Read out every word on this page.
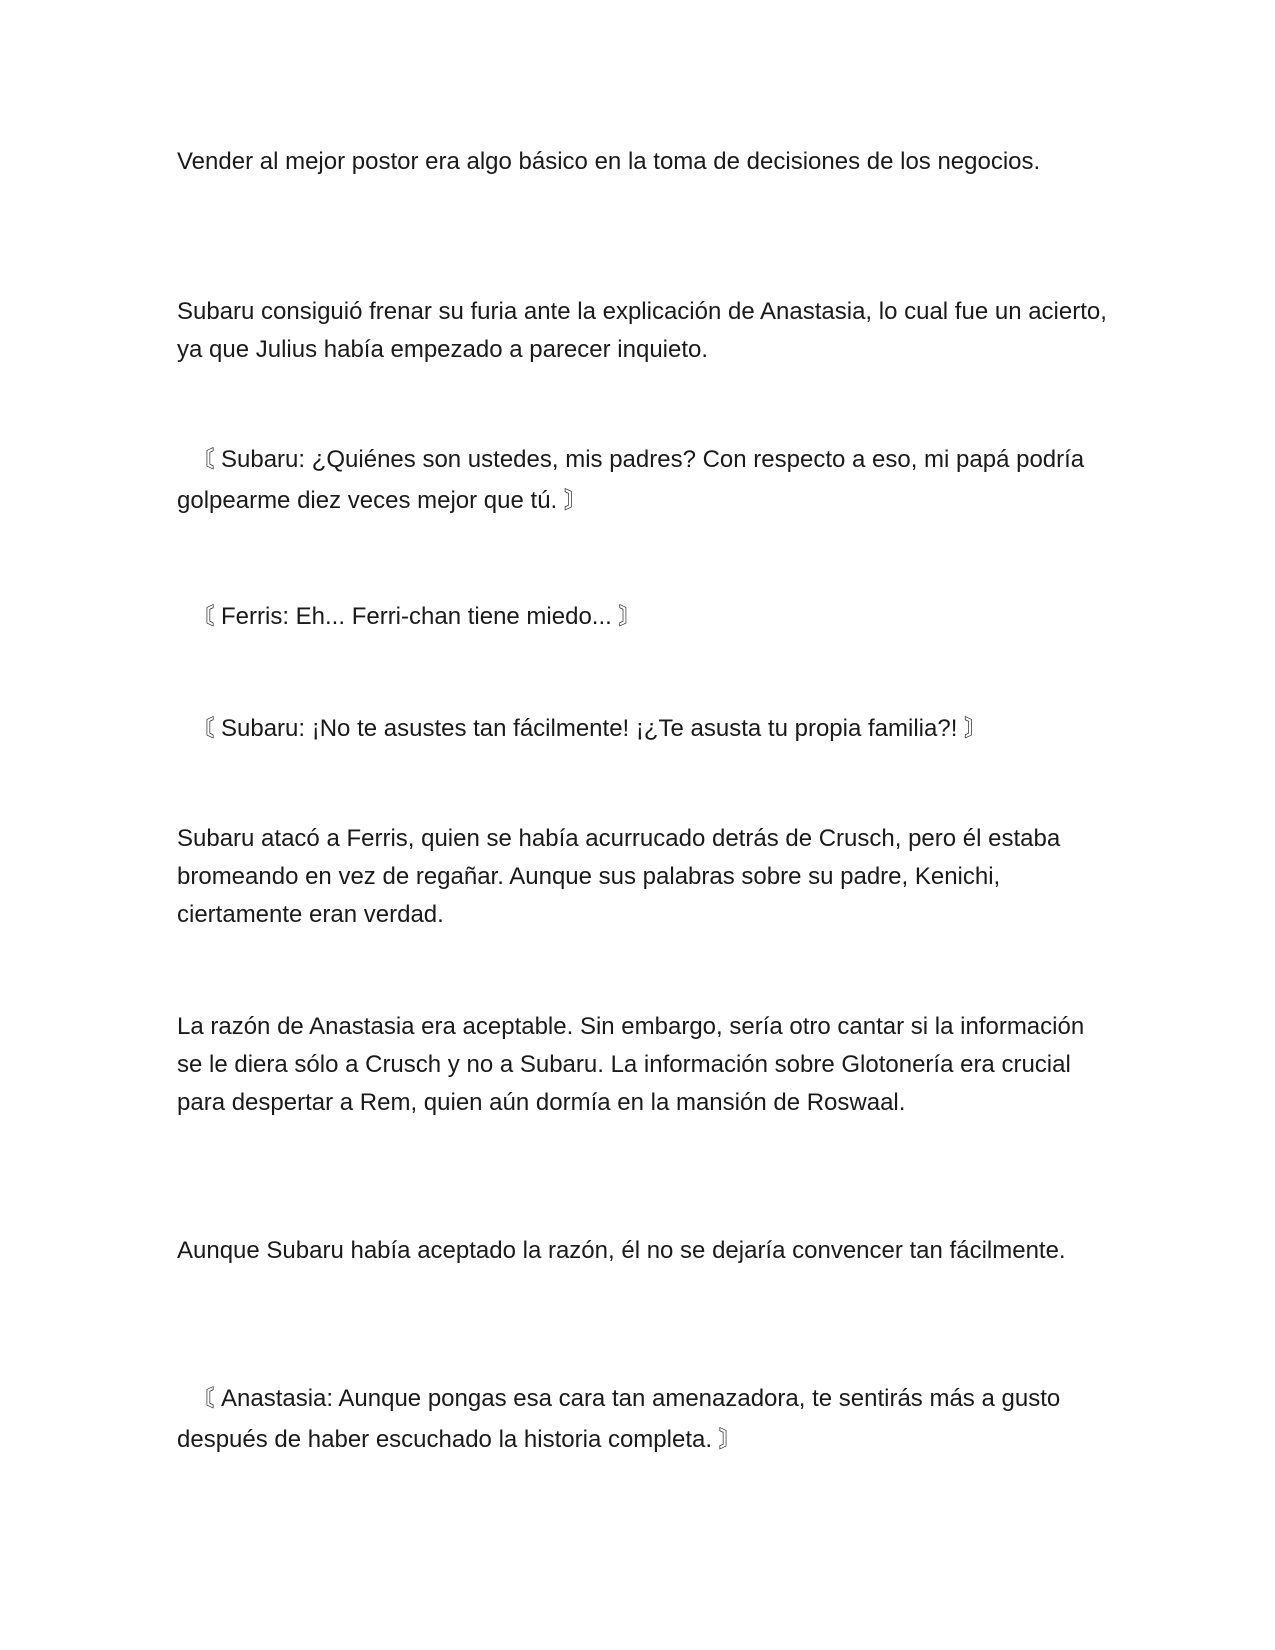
Vender al mejor postor era algo básico en la toma de decisiones de los negocios.

Subaru consiguió frenar su furia ante la explicación de Anastasia, lo cual fue un acierto, ya que Julius había empezado a parecer inquieto.

〘 Subaru: ¿Quiénes son ustedes, mis padres? Con respecto a eso, mi papá podría golpearme diez veces mejor que tú. 〙

〘 Ferris: Eh... Ferri-chan tiene miedo... 〙

〘 Subaru: ¡No te asustes tan fácilmente! ¡¿Te asusta tu propia familia?! 〙

Subaru atacó a Ferris, quien se había acurrucado detrás de Crusch, pero él estaba bromeando en vez de regañar. Aunque sus palabras sobre su padre, Kenichi, ciertamente eran verdad.

La razón de Anastasia era aceptable. Sin embargo, sería otro cantar si la información se le diera sólo a Crusch y no a Subaru. La información sobre Glotonería era crucial para despertar a Rem, quien aún dormía en la mansión de Roswaal.

Aunque Subaru había aceptado la razón, él no se dejaría convencer tan fácilmente.

〘 Anastasia: Aunque pongas esa cara tan amenazadora, te sentirás más a gusto después de haber escuchado la historia completa. 〙
